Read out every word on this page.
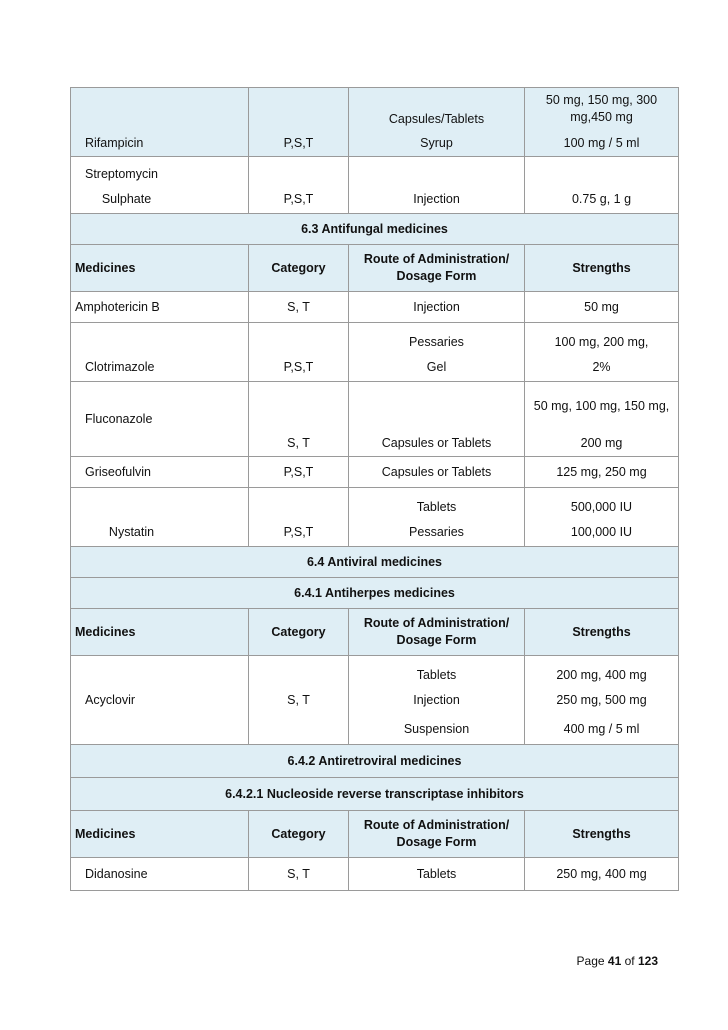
		Capsules/Tablets	50 mg, 150 mg, 300 mg,450 mg
Rifampicin	P,S,T	Syrup	100 mg / 5 ml
Streptomycin			
Sulphate	P,S,T	Injection	0.75 g, 1 g
6.3 Antifungal medicines			
Medicines	Category	Route of Administration/ Dosage Form	Strengths
Amphotericin B	S, T	Injection	50 mg
		Pessaries	100 mg, 200 mg,
Clotrimazole	P,S,T	Gel	2%
Fluconazole			50 mg, 100 mg, 150 mg,
	S, T	Capsules or Tablets	200 mg
Griseofulvin	P,S,T	Capsules or Tablets	125 mg, 250 mg
		Tablets	500,000 IU
Nystatin	P,S,T	Pessaries	100,000 IU
6.4 Antiviral medicines			
6.4.1 Antiherpes medicines			
Medicines	Category	Route of Administration/ Dosage Form	Strengths
		Tablets	200 mg, 400 mg
Acyclovir	S, T	Injection	250 mg, 500 mg
		Suspension	400 mg / 5 ml
6.4.2 Antiretroviral medicines			
6.4.2.1 Nucleoside reverse transcriptase inhibitors			
Medicines	Category	Route of Administration/ Dosage Form	Strengths
Didanosine	S, T	Tablets	250 mg, 400 mg
Page 41 of 123
